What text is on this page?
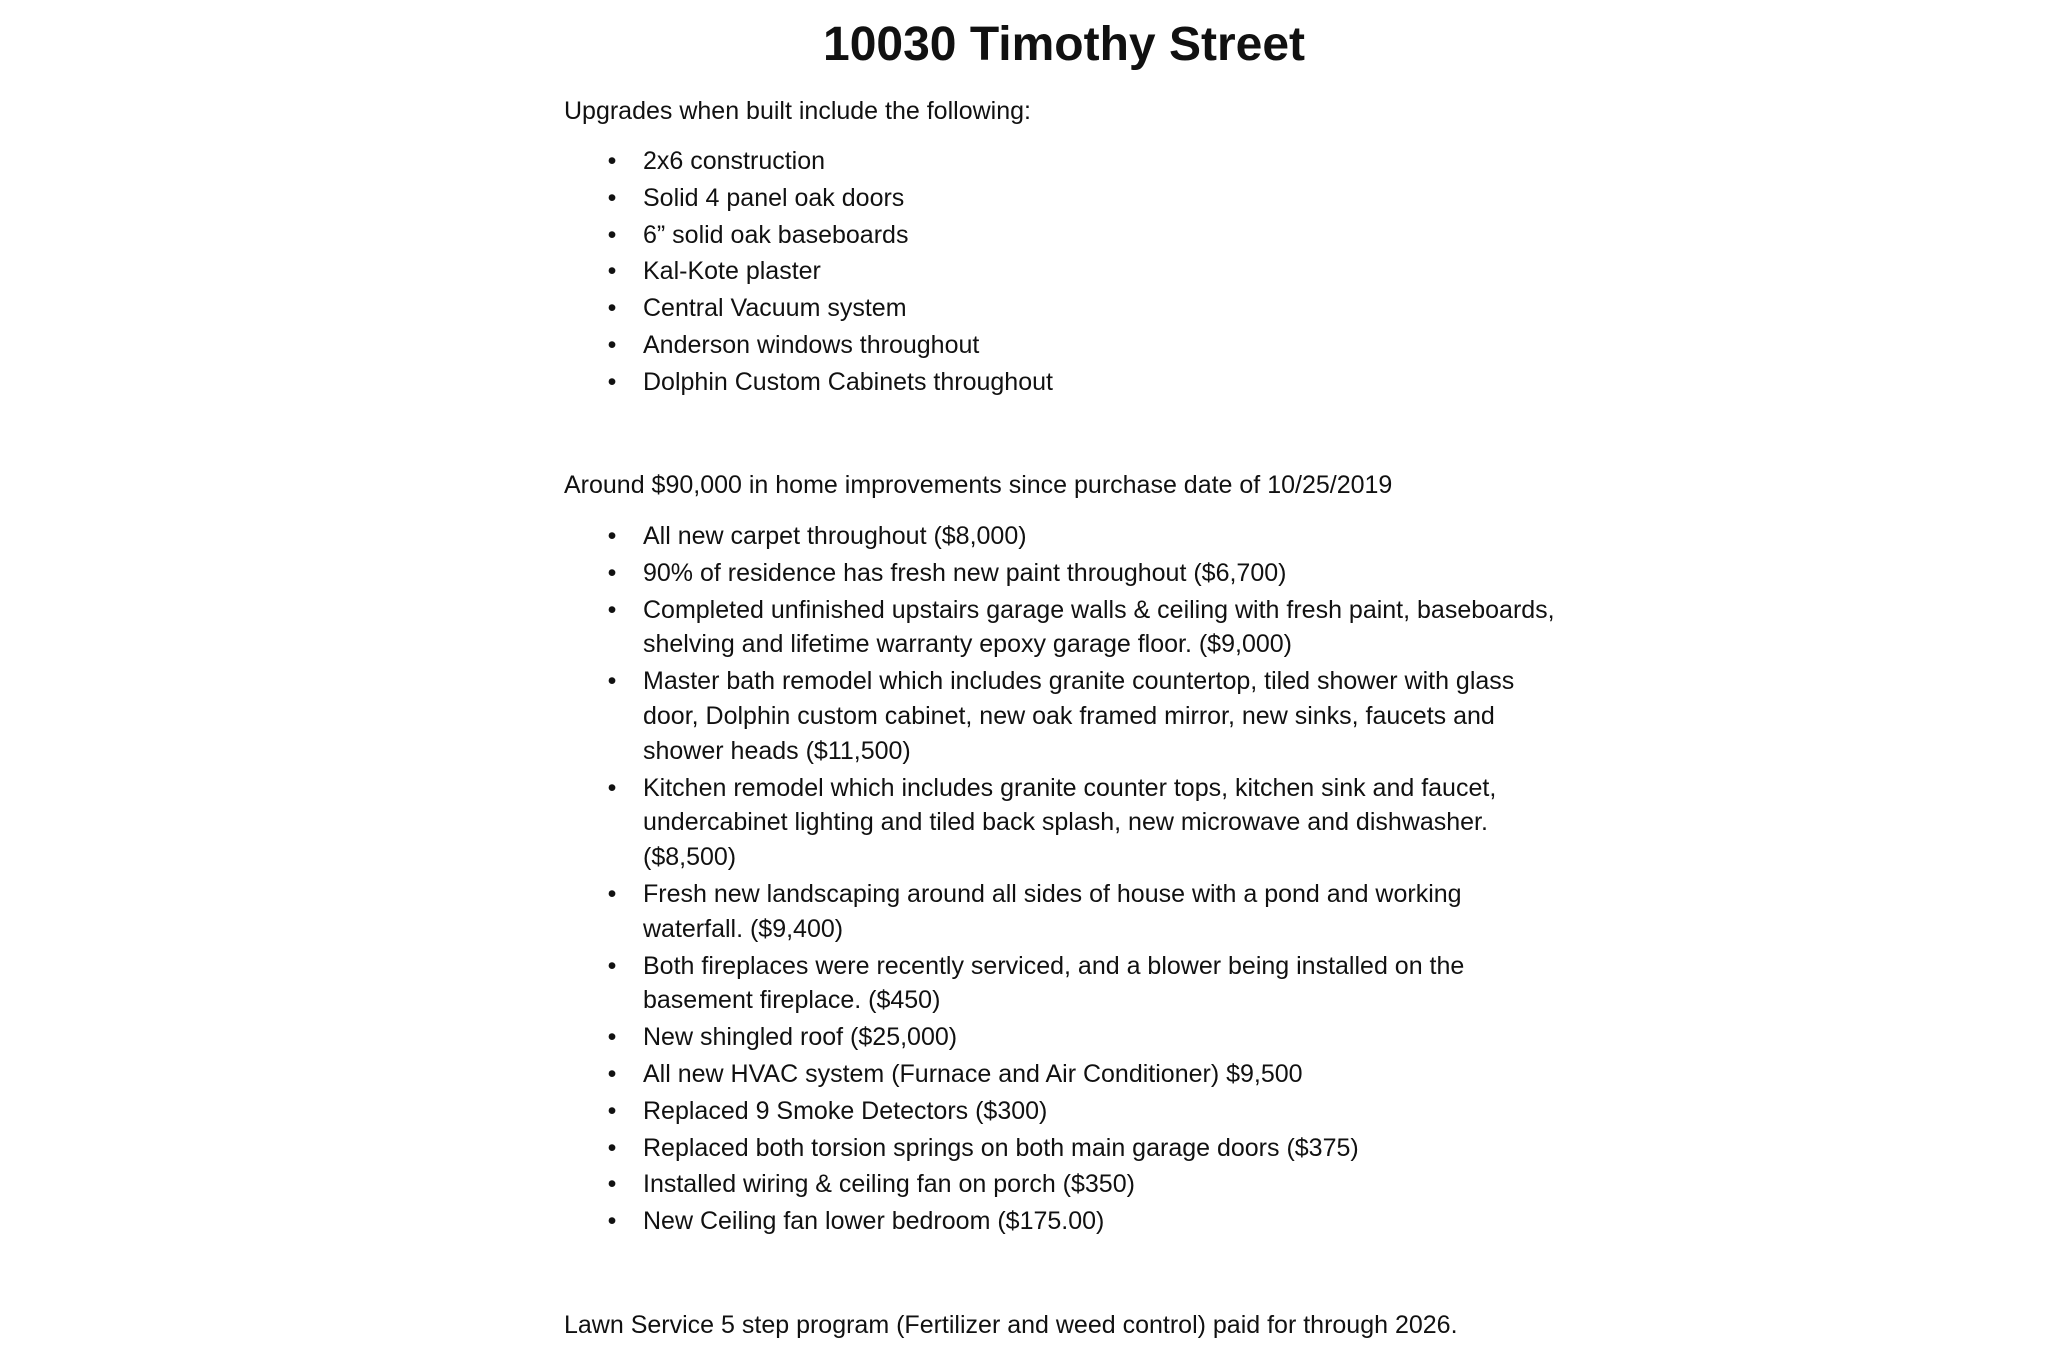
10030 Timothy Street

Upgrades when built include the following:

•
2x6 construction
•
Solid 4 panel oak doors
•
6” solid oak baseboards
•
Kal-Kote plaster
•
Central Vacuum system
•
Anderson windows throughout
•
Dolphin Custom Cabinets throughout

Around $90,000 in home improvements since purchase date of 10/25/2019

•
All new carpet throughout ($8,000)
•
90% of residence has fresh new paint throughout ($6,700)
•
Completed unfinished upstairs garage walls & ceiling with fresh paint, baseboards, shelving and lifetime warranty epoxy garage floor. ($9,000)
•
Master bath remodel which includes granite countertop, tiled shower with glass door, Dolphin custom cabinet, new oak framed mirror, new sinks, faucets and shower heads ($11,500)
•
Kitchen remodel which includes granite counter tops, kitchen sink and faucet, undercabinet lighting and tiled back splash, new microwave and dishwasher. ($8,500)
•
Fresh new landscaping around all sides of house with a pond and working waterfall. ($9,400)
•
Both fireplaces were recently serviced, and a blower being installed on the basement fireplace. ($450)
•
New shingled roof ($25,000)
•
All new HVAC system (Furnace and Air Conditioner) $9,500
•
Replaced 9 Smoke Detectors ($300)
•
Replaced both torsion springs on both main garage doors ($375)
•
Installed wiring & ceiling fan on porch ($350)
•
New Ceiling fan lower bedroom ($175.00)

Lawn Service 5 step program (Fertilizer and weed control) paid for through 2026.
